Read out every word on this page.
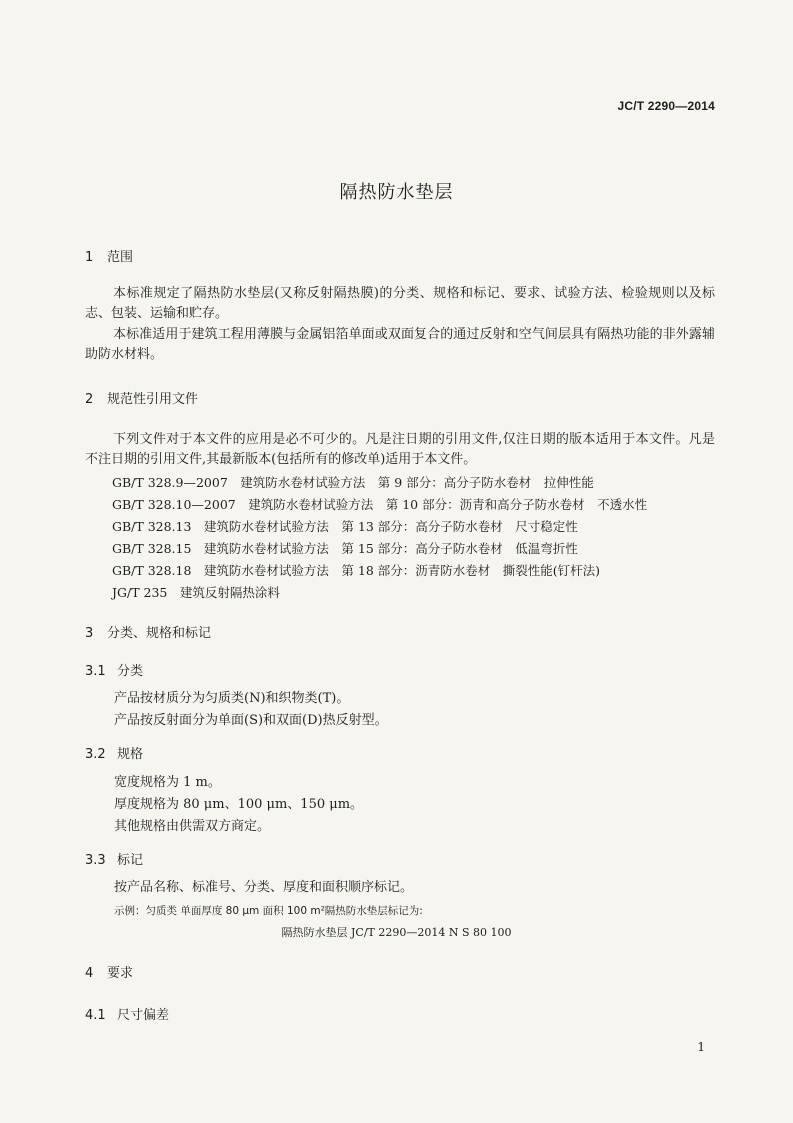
JC/T 2290—2014
隔热防水垫层
1 范围
本标准规定了隔热防水垫层(又称反射隔热膜)的分类、规格和标记、要求、试验方法、检验规则以及标志、包装、运输和贮存。
本标准适用于建筑工程用薄膜与金属铝箔单面或双面复合的通过反射和空气间层具有隔热功能的非外露辅助防水材料。
2 规范性引用文件
下列文件对于本文件的应用是必不可少的。凡是注日期的引用文件,仅注日期的版本适用于本文件。凡是不注日期的引用文件,其最新版本(包括所有的修改单)适用于本文件。
GB/T 328.9—2007　建筑防水卷材试验方法　第 9 部分：高分子防水卷材　拉伸性能
GB/T 328.10—2007　建筑防水卷材试验方法　第 10 部分：沥青和高分子防水卷材　不透水性
GB/T 328.13　建筑防水卷材试验方法　第 13 部分：高分子防水卷材　尺寸稳定性
GB/T 328.15　建筑防水卷材试验方法　第 15 部分：高分子防水卷材　低温弯折性
GB/T 328.18　建筑防水卷材试验方法　第 18 部分：沥青防水卷材　撕裂性能(钉杆法)
JG/T 235　建筑反射隔热涂料
3 分类、规格和标记
3.1 分类
产品按材质分为匀质类(N)和织物类(T)。
产品按反射面分为单面(S)和双面(D)热反射型。
3.2 规格
宽度规格为 1 m。
厚度规格为 80 μm、100 μm、150 μm。
其他规格由供需双方商定。
3.3 标记
按产品名称、标准号、分类、厚度和面积顺序标记。
示例：匀质类 单面厚度 80 μm 面积 100 m²隔热防水垫层标记为:
隔热防水垫层 JC/T 2290—2014 N S 80 100
4 要求
4.1 尺寸偏差
1
